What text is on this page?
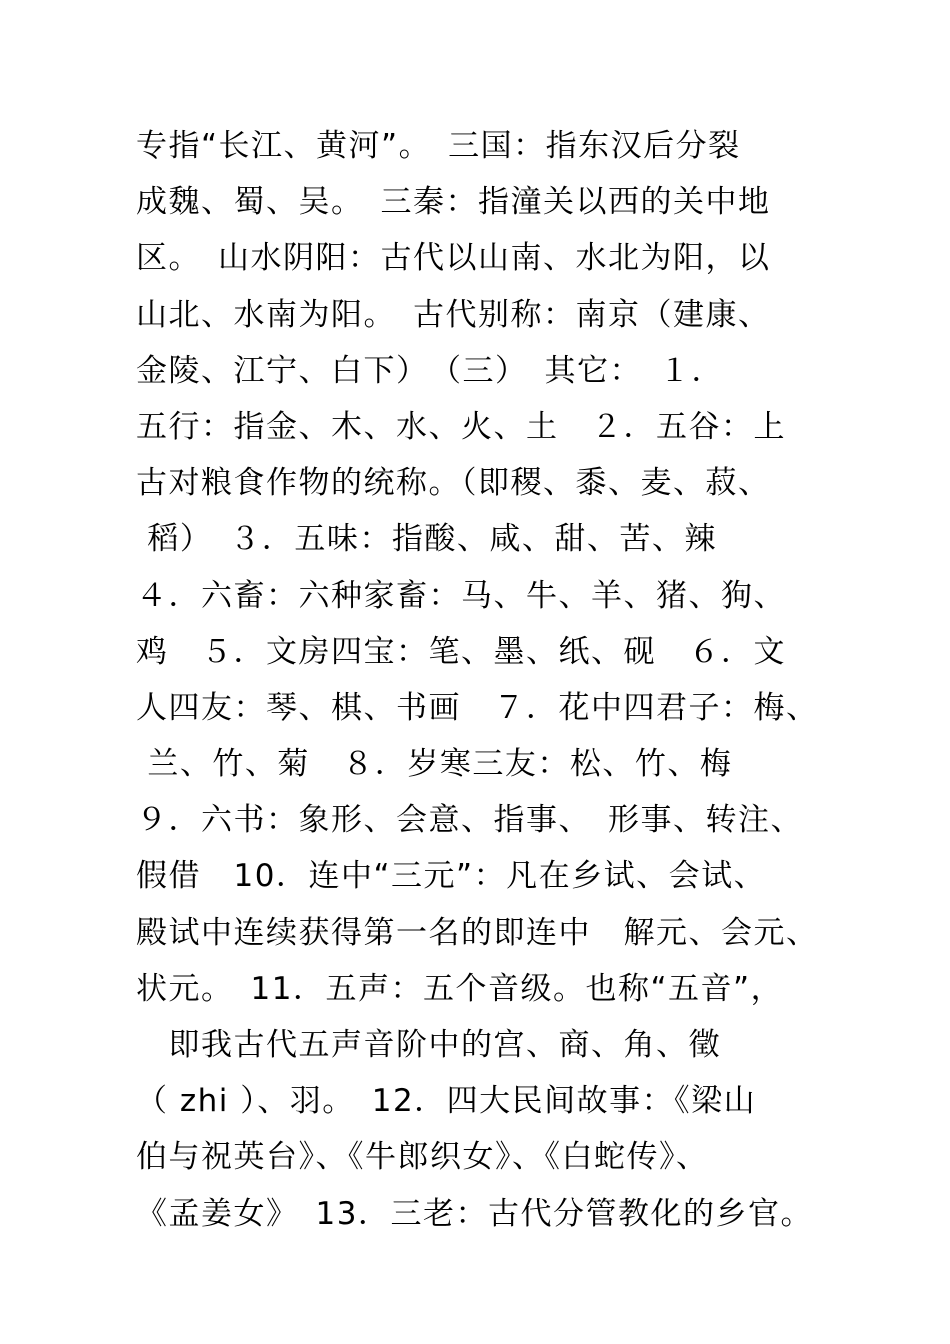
专指“长江、黄河”。　三国：指东汉后分裂
成魏、蜀、吴。　三秦：指潼关以西的关中地
区。　山水阴阳：古代以山南、水北为阳，以
山北、水南为阳。　古代别称：南京（建康、
金陵、江宁、白下）　（三）　其它：　１．
五行：指金、木、水、火、土　２．五谷：上
古对粮食作物的统称。（即稷、黍、麦、菽、
稻）　３．五味：指酸、咸、甜、苦、辣
４．六畜：六种家畜：马、牛、羊、猪、狗、
鸡　５．文房四宝：笔、墨、纸、砚　６．文
人四友：琴、棋、书画　７．花中四君子：梅、
兰、竹、菊　８．岁寒三友：松、竹、梅
９．六书：象形、会意、指事、　形事、转注、
假借　10．连中“三元”：凡在乡试、会试、
殿试中连续获得第一名的即连中　解元、会元、
状元。　11．五声：五个音级。也称“五音”，
　即我古代五声音阶中的宫、商、角、徵
（ zhi ）、羽。　12．四大民间故事：《梁山
伯与祝英台》、《牛郎织女》、《白蛇传》、
《孟姜女》　13．三老：古代分管教化的乡官。
